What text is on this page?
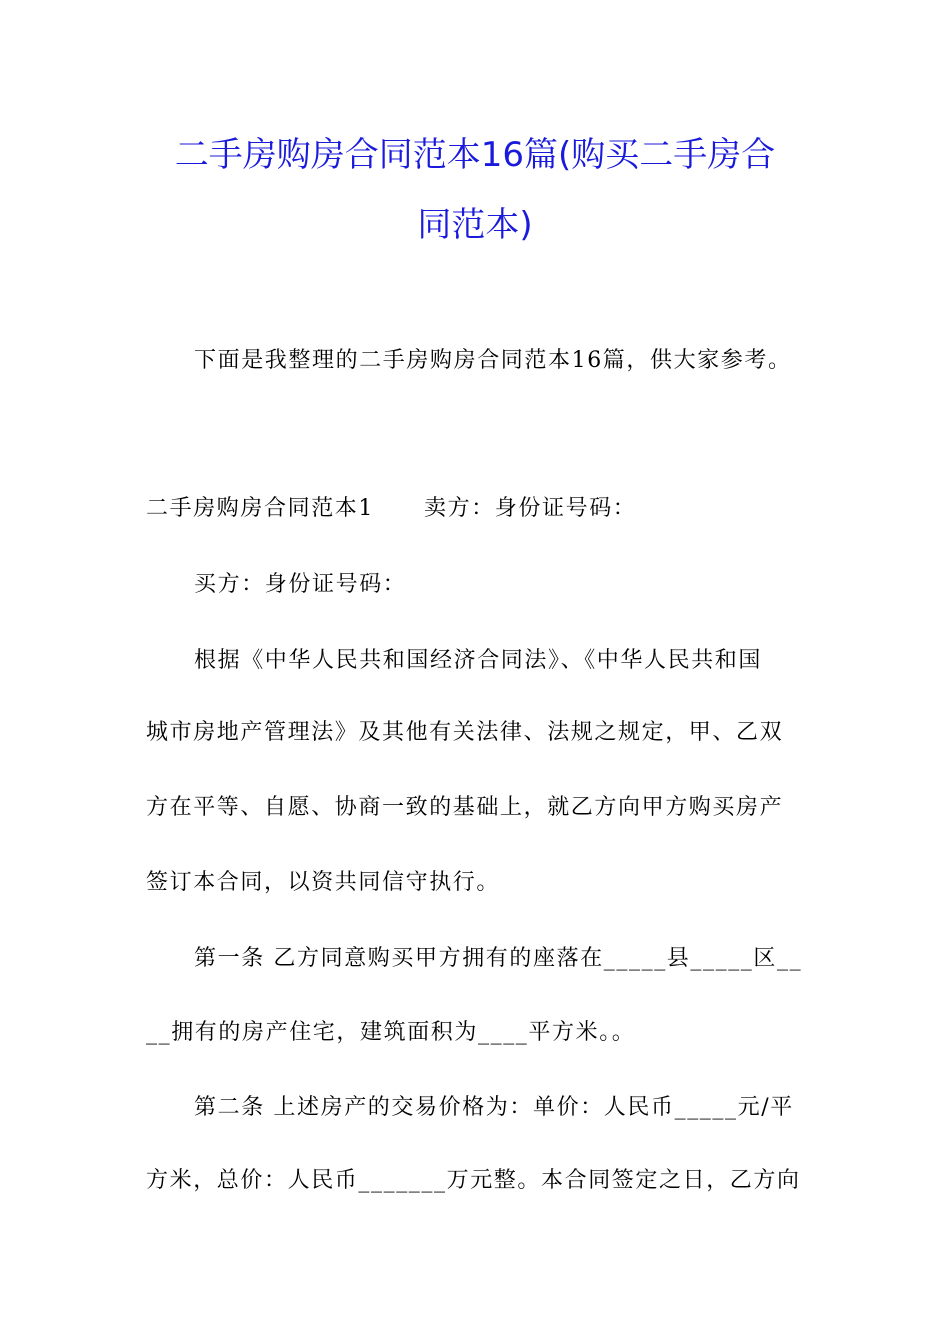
二手房购房合同范本16篇(购买二手房合
同范本)
下面是我整理的二手房购房合同范本16篇，供大家参考。
二手房购房合同范本1 卖方：身份证号码：
买方：身份证号码：
根据《中华人民共和国经济合同法》、《中华人民共和国
城市房地产管理法》及其他有关法律、法规之规定，甲、乙双
方在平等、自愿、协商一致的基础上，就乙方向甲方购买房产
签订本合同，以资共同信守执行。
第一条 乙方同意购买甲方拥有的座落在_____县_____区__
__拥有的房产住宅，建筑面积为____平方米。。
第二条 上述房产的交易价格为：单价：人民币_____元/平
方米，总价：人民币_______万元整。本合同签定之日，乙方向
